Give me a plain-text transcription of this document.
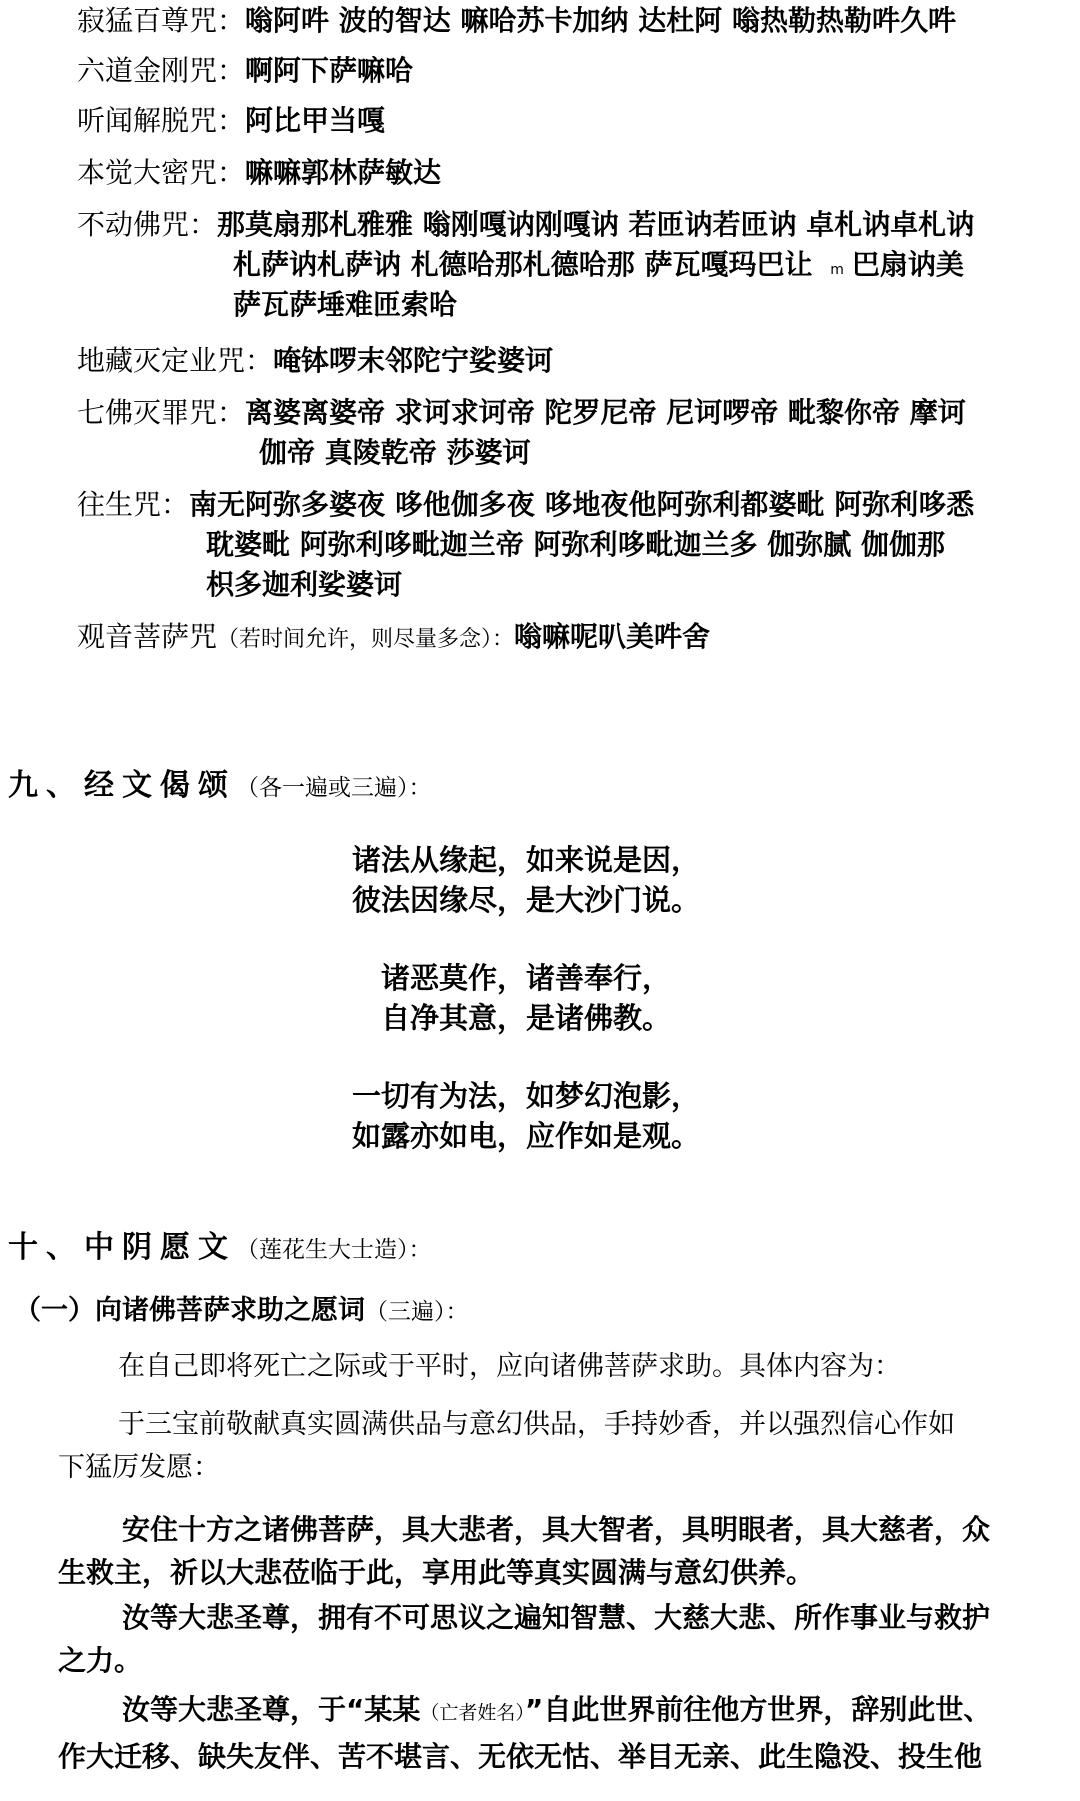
寂猛百尊咒：嗡阿吽 波的智达 嘛哈苏卡加纳 达杜阿 嗡热勒热勒吽久吽
六道金刚咒：啊阿下萨嘛哈
听闻解脱咒：阿比甲当嘎
本觉大密咒：嘛嘛郭林萨敏达
不动佛咒：那莫扇那札雅雅 嗡刚嘎讷刚嘎讷 若匝讷若匝讷 卓札讷卓札讷
札萨讷札萨讷 札德哈那札德哈那 萨瓦嘎玛巴让 m 巴扇讷美
萨瓦萨埵难匝索哈
地藏灭定业咒：唵钵啰末邻陀宁娑婆诃
七佛灭罪咒：离婆离婆帝 求诃求诃帝 陀罗尼帝 尼诃啰帝 毗黎你帝 摩诃
伽帝 真陵乾帝 莎婆诃
往生咒：南无阿弥多婆夜 哆他伽多夜 哆地夜他阿弥利都婆毗 阿弥利哆悉
耽婆毗 阿弥利哆毗迦兰帝 阿弥利哆毗迦兰多 伽弥腻 伽伽那
枳多迦利娑婆诃
观音菩萨咒（若时间允许，则尽量多念）：嗡嘛呢叭美吽舍
九、经文偈颂（各一遍或三遍）：
诸法从缘起，如来说是因，
彼法因缘尽，是大沙门说。
诸恶莫作，诸善奉行，
自净其意，是诸佛教。
一切有为法，如梦幻泡影，
如露亦如电，应作如是观。
十、中阴愿文（莲花生大士造）：
（一）向诸佛菩萨求助之愿词（三遍）：
在自己即将死亡之际或于平时，应向诸佛菩萨求助。具体内容为：
于三宝前敬献真实圆满供品与意幻供品，手持妙香，并以强烈信心作如
下猛厉发愿：
安住十方之诸佛菩萨，具大悲者，具大智者，具明眼者，具大慈者，众
生救主，祈以大悲莅临于此，享用此等真实圆满与意幻供养。
汝等大悲圣尊，拥有不可思议之遍知智慧、大慈大悲、所作事业与救护
之力。
汝等大悲圣尊，于“某某（亡者姓名）”自此世界前往他方世界，辞别此世、
作大迁移、缺失友伴、苦不堪言、无依无怙、举目无亲、此生隐没、投生他
